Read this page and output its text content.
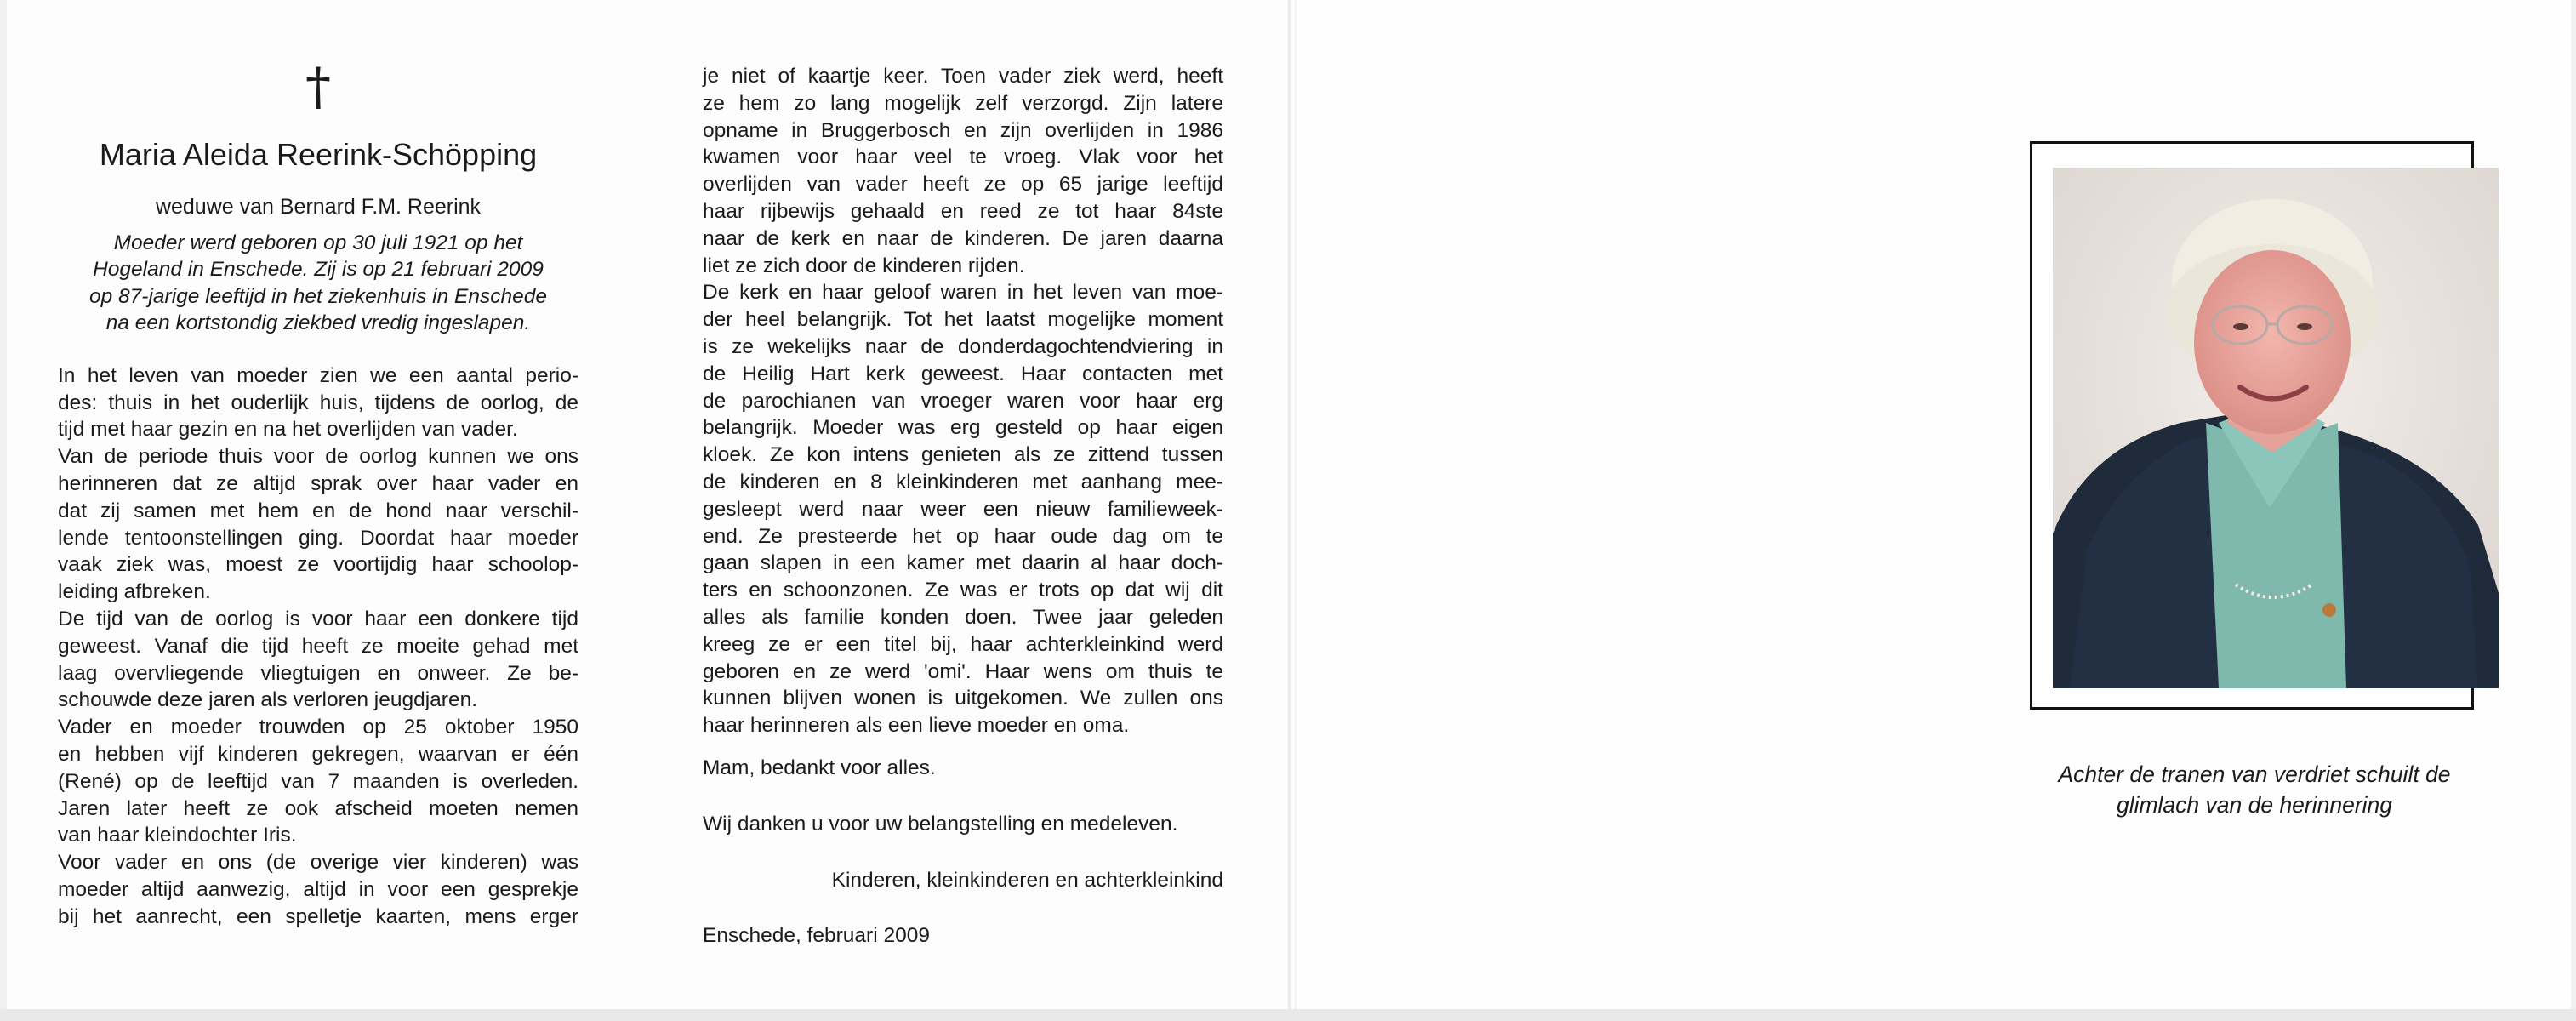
†
Maria Aleida Reerink-Schöpping
weduwe van Bernard F.M. Reerink
Moeder werd geboren op 30 juli 1921 op het
Hogeland in Enschede. Zij is op 21 februari 2009
op 87-jarige leeftijd in het ziekenhuis in Enschede
na een kortstondig ziekbed vredig ingeslapen.
In het leven van moeder zien we een aantal perio-
des: thuis in het ouderlijk huis, tijdens de oorlog, de
tijd met haar gezin en na het overlijden van vader.
Van de periode thuis voor de oorlog kunnen we ons
herinneren dat ze altijd sprak over haar vader en
dat zij samen met hem en de hond naar verschil-
lende tentoonstellingen ging. Doordat haar moeder
vaak ziek was, moest ze voortijdig haar schoolop-
leiding afbreken.
De tijd van de oorlog is voor haar een donkere tijd
geweest. Vanaf die tijd heeft ze moeite gehad met
laag overvliegende vliegtuigen en onweer. Ze be-
schouwde deze jaren als verloren jeugdjaren.
Vader en moeder trouwden op 25 oktober 1950
en hebben vijf kinderen gekregen, waarvan er één
(René) op de leeftijd van 7 maanden is overleden.
Jaren later heeft ze ook afscheid moeten nemen
van haar kleindochter Iris.
Voor vader en ons (de overige vier kinderen) was
moeder altijd aanwezig, altijd in voor een gesprekje
bij het aanrecht, een spelletje kaarten, mens erger
je niet of kaartje keer. Toen vader ziek werd, heeft
ze hem zo lang mogelijk zelf verzorgd. Zijn latere
opname in Bruggerbosch en zijn overlijden in 1986
kwamen voor haar veel te vroeg. Vlak voor het
overlijden van vader heeft ze op 65 jarige leeftijd
haar rijbewijs gehaald en reed ze tot haar 84ste
naar de kerk en naar de kinderen. De jaren daarna
liet ze zich door de kinderen rijden.
De kerk en haar geloof waren in het leven van moe-
der heel belangrijk. Tot het laatst mogelijke moment
is ze wekelijks naar de donderdagochtendviering in
de Heilig Hart kerk geweest. Haar contacten met
de parochianen van vroeger waren voor haar erg
belangrijk. Moeder was erg gesteld op haar eigen
kloek. Ze kon intens genieten als ze zittend tussen
de kinderen en 8 kleinkinderen met aanhang mee-
gesleept werd naar weer een nieuw familieweek-
end. Ze presteerde het op haar oude dag om te
gaan slapen in een kamer met daarin al haar doch-
ters en schoonzonen. Ze was er trots op dat wij dit
alles als familie konden doen. Twee jaar geleden
kreeg ze er een titel bij, haar achterkleinkind werd
geboren en ze werd 'omi'. Haar wens om thuis te
kunnen blijven wonen is uitgekomen. We zullen ons
haar herinneren als een lieve moeder en oma.
Mam, bedankt voor alles.
Wij danken u voor uw belangstelling en medeleven.
Kinderen, kleinkinderen en achterkleinkind
Enschede, februari 2009
Achter de tranen van verdriet schuilt de
glimlach van de herinnering
